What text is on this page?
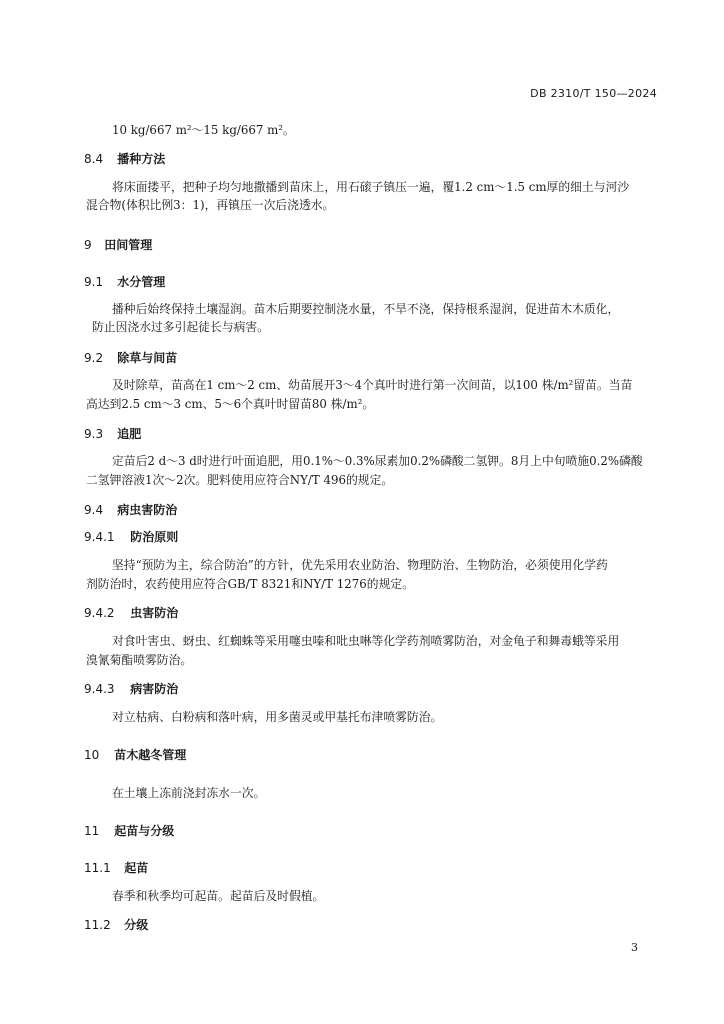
DB 2310/T 150—2024
10 kg/667 m²～15 kg/667 m²。
8.4 播种方法
将床面搂平，把种子均匀地撒播到苗床上，用石磙子镇压一遍，覆1.2 cm～1.5 cm厚的细土与河沙
混合物(体积比例3：1)，再镇压一次后浇透水。
9 田间管理
9.1 水分管理
播种后始终保持土壤湿润。苗木后期要控制浇水量，不旱不浇，保持根系湿润，促进苗木木质化，
防止因浇水过多引起徒长与病害。
9.2 除草与间苗
及时除草，苗高在1 cm～2 cm、幼苗展开3～4个真叶时进行第一次间苗，以100 株/m²留苗。当苗
高达到2.5 cm～3 cm、5～6个真叶时留苗80 株/m²。
9.3 追肥
定苗后2 d～3 d时进行叶面追肥，用0.1%～0.3%尿素加0.2%磷酸二氢钾。8月上中旬喷施0.2%磷酸
二氢钾溶液1次～2次。肥料使用应符合NY/T 496的规定。
9.4 病虫害防治
9.4.1 防治原则
坚持“预防为主，综合防治”的方针，优先采用农业防治、物理防治、生物防治，必须使用化学药
剂防治时，农药使用应符合GB/T 8321和NY/T 1276的规定。
9.4.2 虫害防治
对食叶害虫、蚜虫、红蜘蛛等采用噻虫嗪和吡虫啉等化学药剂喷雾防治，对金龟子和舞毒蛾等采用
溴氰菊酯喷雾防治。
9.4.3 病害防治
对立枯病、白粉病和落叶病，用多菌灵或甲基托布津喷雾防治。
10 苗木越冬管理
在土壤上冻前浇封冻水一次。
11 起苗与分级
11.1 起苗
春季和秋季均可起苗。起苗后及时假植。
11.2 分级
3
